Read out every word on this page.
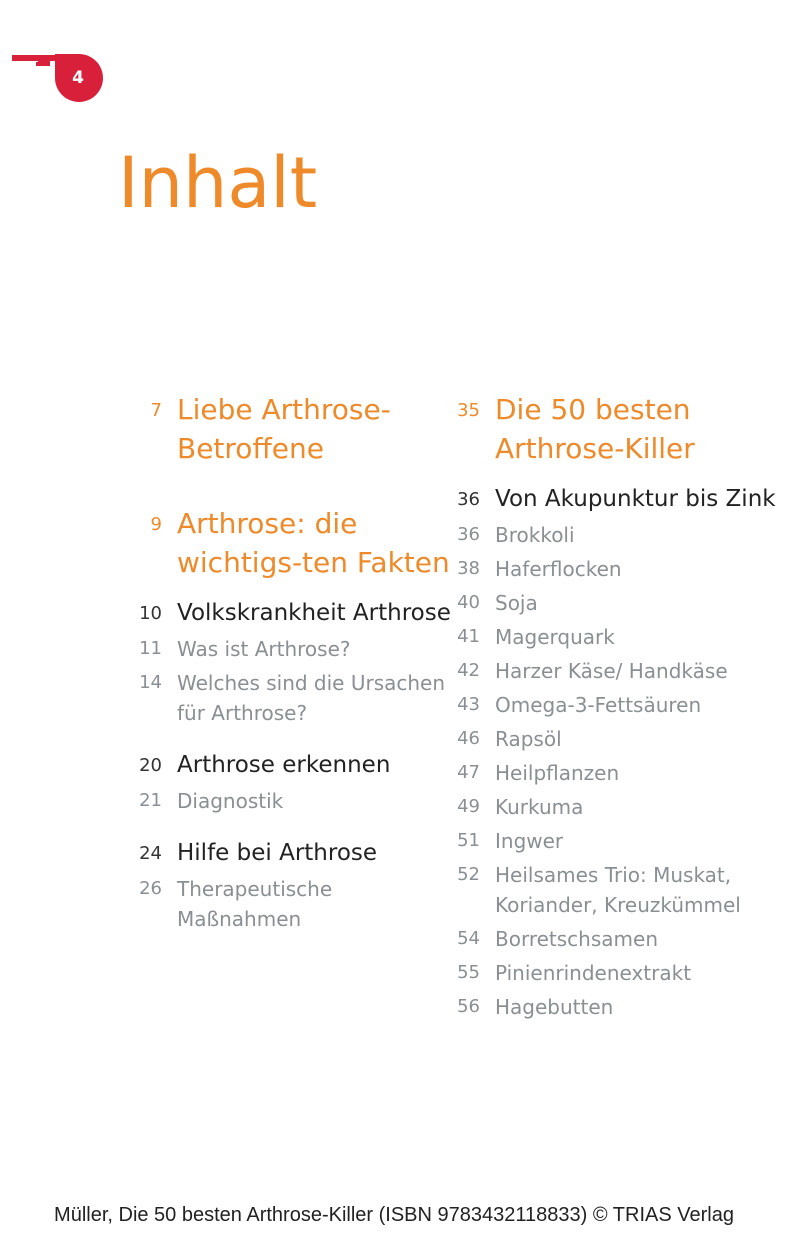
4
Inhalt
7 Liebe Arthrose-Betroffene
9 Arthrose: die wichtigs-ten Fakten
10 Volkskrankheit Arthrose
11 Was ist Arthrose?
14 Welches sind die Ursachen für Arthrose?
20 Arthrose erkennen
21 Diagnostik
24 Hilfe bei Arthrose
26 Therapeutische Maßnahmen
35 Die 50 besten Arthrose-Killer
36 Von Akupunktur bis Zink
36 Brokkoli
38 Haferflocken
40 Soja
41 Magerquark
42 Harzer Käse/ Handkäse
43 Omega-3-Fettsäuren
46 Rapsöl
47 Heilpflanzen
49 Kurkuma
51 Ingwer
52 Heilsames Trio: Muskat, Koriander, Kreuzkümmel
54 Borretschsamen
55 Pinienrindenextrakt
56 Hagebutten
Müller, Die 50 besten Arthrose-Killer (ISBN 9783432118833) © TRIAS Verlag
